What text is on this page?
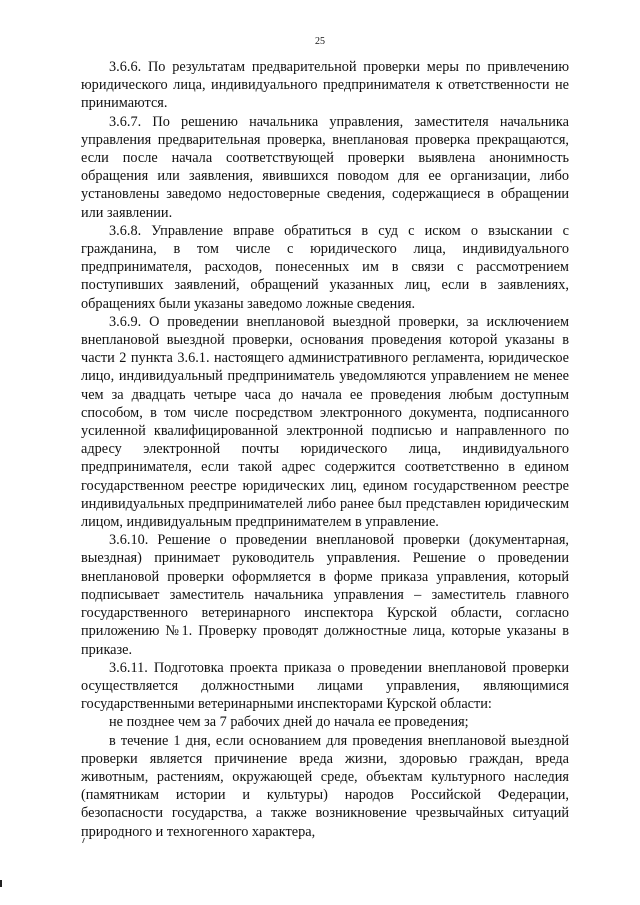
25

3.6.6. По результатам предварительной проверки меры по привлечению юридического лица, индивидуального предпринимателя к ответственности не принимаются.

3.6.7. По решению начальника управления, заместителя начальника управления предварительная проверка, внеплановая проверка прекращаются, если после начала соответствующей проверки выявлена анонимность обращения или заявления, явившихся поводом для ее организации, либо установлены заведомо недостоверные сведения, содержащиеся в обращении или заявлении.

3.6.8. Управление вправе обратиться в суд с иском о взыскании с гражданина, в том числе с юридического лица, индивидуального предпринимателя, расходов, понесенных им в связи с рассмотрением поступивших заявлений, обращений указанных лиц, если в заявлениях, обращениях были указаны заведомо ложные сведения.

3.6.9. О проведении внеплановой выездной проверки, за исключением внеплановой выездной проверки, основания проведения которой указаны в части 2 пункта 3.6.1. настоящего административного регламента, юридическое лицо, индивидуальный предприниматель уведомляются управлением не менее чем за двадцать четыре часа до начала ее проведения любым доступным способом, в том числе посредством электронного документа, подписанного усиленной квалифицированной электронной подписью и направленного по адресу электронной почты юридического лица, индивидуального предпринимателя, если такой адрес содержится соответственно в едином государственном реестре юридических лиц, едином государственном реестре индивидуальных предпринимателей либо ранее был представлен юридическим лицом, индивидуальным предпринимателем в управление.

3.6.10. Решение о проведении внеплановой проверки (документарная, выездная) принимает руководитель управления. Решение о проведении внеплановой проверки оформляется в форме приказа управления, который подписывает заместитель начальника управления – заместитель главного государственного ветеринарного инспектора Курской области, согласно приложению №1. Проверку проводят должностные лица, которые указаны в приказе.

3.6.11. Подготовка проекта приказа о проведении внеплановой проверки осуществляется должностными лицами управления, являющимися государственными ветеринарными инспекторами Курской области:

не позднее чем за 7 рабочих дней до начала ее проведения;

в течение 1 дня, если основанием для проведения внеплановой выездной проверки является причинение вреда жизни, здоровью граждан, вреда животным, растениям, окружающей среде, объектам культурного наследия (памятникам истории и культуры) народов Российской Федерации, безопасности государства, а также возникновение чрезвычайных ситуаций природного и техногенного характера,
